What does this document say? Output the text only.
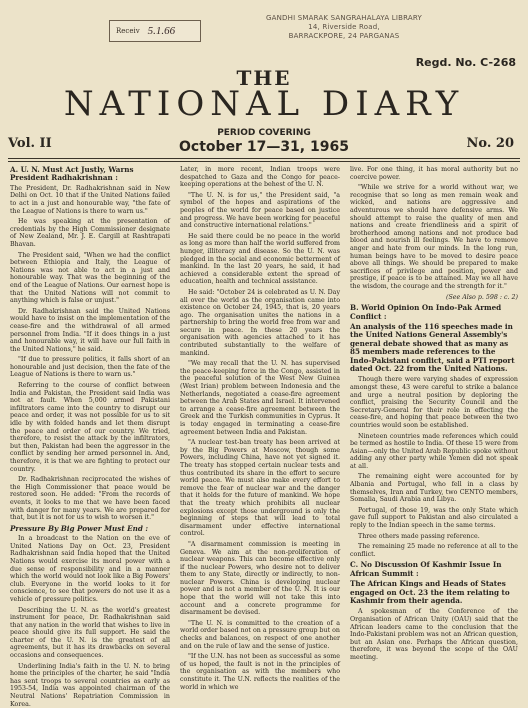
Receiv 5.1.66
GANDHI SMARAK SANGRAHALAYA LIBRARY
14, Riverside Road,
BARRACKPORE, 24 PARGANAS
Regd. No. C-268
THE
NATIONAL DIARY
Vol. II
PERIOD COVERING
October 17—31, 1965	No. 20
A. U. N. Must Act Justly, Warns President Radhakrishnan :

The President, Dr. Radhakrishnan said in New Delhi on Oct. 10 that if the United Nations failed to act in a just and honourable way, "the fate of the League of Nations is there to warn us."

He was speaking at the presentation of credentials by the High Commissioner designate of New Zealand, Mr. J. E. Cargill at Rashtrapati Bhavan.

The President said, "When we had the conflict between Ethiopia and Italy, the League of Nations was not able to act in a just and honourable way. That was the beginning of the end of the League of Nations. Our earnest hope is that the United Nations will not commit to anything which is false or unjust."

Dr. Radhakrishnan said the United Nations would have to insist on the implementation of the cease-fire and the withdrawal of all armed personnel from India. "If it does things in a just and honourable way, it will have our full faith in the United Nations," he said.

"If due to pressure politics, it falls short of an honourable and just decision, then the fate of the League of Nations is there to warn us."

Referring to the course of conflict between India and Pakistan, the President said India was not at fault. When 5,000 armed Pakistani infiltrators came into the country to disrupt our peace and order, it was not possible for us to sit idle by with folded hands and let them disrupt the peace and order of our country. We tried, therefore, to resist the attack by the infiltrators, but then, Pakistan had been the aggressor in the conflict by sending her armed personnel in. And, therefore, it is that we are fighting to protect our country.

Dr. Radhakrishnan reciprocated the wishes of the High Commissioner that peace would be restored soon. He added: "From the records of events, it looks to me that we have been faced with danger for many years. We are prepared for that, but it is not for us to wish to worsen it."

Pressure By Big Power Must End :

In a broadcast to the Nation on the eve of United Nations Day on Oct. 23, President Radhakrishnan said India hoped that the United Nations would exercise its moral power with a due sense of responsibility and in a manner which the world would not look like a Big Powers' club. Everyone in the world looks to it for conscience, to see that powers do not use it as a vehicle of pressure politics.

Describing the U. N. as the world's greatest instrument for peace, Dr. Radhakrishnan said that any nation in the world that wishes to live in peace should give its full support. He said the charter of the U. N. is the greatest of all agreements, but it has its drawbacks on several occasions and consequences.

Underlining India's faith in the U. N. to bring home the principles of the charter, he said "India has sent troops to several countries as early as 1953-54, India was appointed chairman of the Neutral Nations' Repatriation Commission in Korea.

Later, in more recent, Indian troops were despatched to Gaza and the Congo for peace-keeping operations at the behest of the U. N.

"The U. N. is for us," the President said, "a symbol of the hopes and aspirations of the peoples of the world for peace based on justice and progress. We have been working for peaceful and constructive international relations."

He said there could be no peace in the world as long as more than half the world suffered from hunger, illiteracy and disease. So the U. N. was pledged in the social and economic betterment of mankind. In the last 20 years, he said, it had achieved a considerable extent the spread of education, health and technical assistance.

He said: "October 24 is celebrated as U. N. Day all over the world as the organisation came into existence on October 24, 1945, that is, 20 years ago. The organisation unites the nations in a partnership to bring the world free from war and secure in peace. In these 20 years the organisation with agencies attached to it has contributed substantially to the welfare of mankind.

"We may recall that the U. N. has supervised the peace-keeping force in the Congo, assisted in the peaceful solution of the West New Guinea (West Irian) problem between Indonesia and the Netherlands, negotiated a cease-fire agreement between the Arab States and Israel. It intervened to arrange a cease-fire agreement between the Greek and the Turkish communities in Cyprus. It is today engaged in terminating a cease-fire agreement between India and Pakistan.

"A nuclear test-ban treaty has been arrived at by the Big Powers at Moscow, though some Powers, including China, have not yet signed it. The treaty has stopped certain nuclear tests and thus contributed its share in the effort to secure world peace. We must also make every effort to remove the fear of nuclear war and the danger that it holds for the future of mankind. We hope that the treaty which prohibits all nuclear explosions except those underground is only the beginning of steps that will lead to total disarmament under effective international control.

"A disarmament commission is meeting in Geneva. We aim at the non-proliferation of nuclear weapons. This can become effective only if the nuclear Powers, who desire not to deliver them to any State, directly or indirectly, to non-nuclear Powers. China is developing nuclear power and is not a member of the U. N. It is our hope that the world will not take this into account and a concrete programme for disarmament be devised.

"The U. N. is committed to the creation of a world order based not on a pressure group but on checks and balances, on respect of one another and on the rule of law and the sense of justice.

"If the U.N. has not been as successful as some of us hoped, the fault is not in the principles of the organisation as with the members who constitute it. The U.N. reflects the realities of the world in which we

live. For one thing, it has moral authority but no coercive power.

"While we strive for a world without war, we recognise that so long as men remain weak and wicked, and nations are aggressive and adventurous we should have defensive arms. We should attempt to raise the quality of men and nations and create friendliness and a spirit of brotherhood among nations and not produce bad blood and nourish ill feelings. We have to remove anger and hate from our minds. In the long run, human beings have to be moved to desire peace above all things. We should be prepared to make sacrifices of privilege and position, power and prestige, if peace is to be attained. May we all have the wisdom, the courage and the strength for it."

(See Also p. 598 : c. 2)

B. World Opinion On Indo-Pak Armed Conflict :

An analysis of the 116 speeches made in the United Nations General Assembly's general debate showed that as many as 85 members made references to the Indo-Pakistani conflict, said a PTI report dated Oct. 22 from the United Nations.

Though there were varying shades of expression amongst these, 43 were careful to strike a balance and urge a neutral position by deploring the conflict, praising the Security Council and the Secretary-General for their role in effecting the cease-fire, and hoping that peace between the two countries would soon be established.

Nineteen countries made references which could be termed as hostile to India. Of these 15 were from Asian—only the United Arab Republic spoke without adding any other party while Yemen did not speak at all.

The remaining eight were accounted for by Albania and Portugal, who fell in a class by themselves, Iran and Turkey, two CENTO members, Somalia, Saudi Arabia and Libya.

Portugal, of those 19, was the only State which gave full support to Pakistan and also circulated a reply to the Indian speech in the same terms.

Three others made passing reference.

The remaining 25 made no reference at all to the conflict.

C. No Discussion Of Kashmir Issue In African Summit :

The African Kings and Heads of States engaged on Oct. 23 the item relating to Kashmir from their agenda.

A spokesman of the Conference of the Organisation of African Unity (OAU) said that the African leaders came to the conclusion that the Indo-Pakistani problem was not an African question, but an Asian one. Perhaps the African question, therefore, it was beyond the scope of the OAU meeting.
